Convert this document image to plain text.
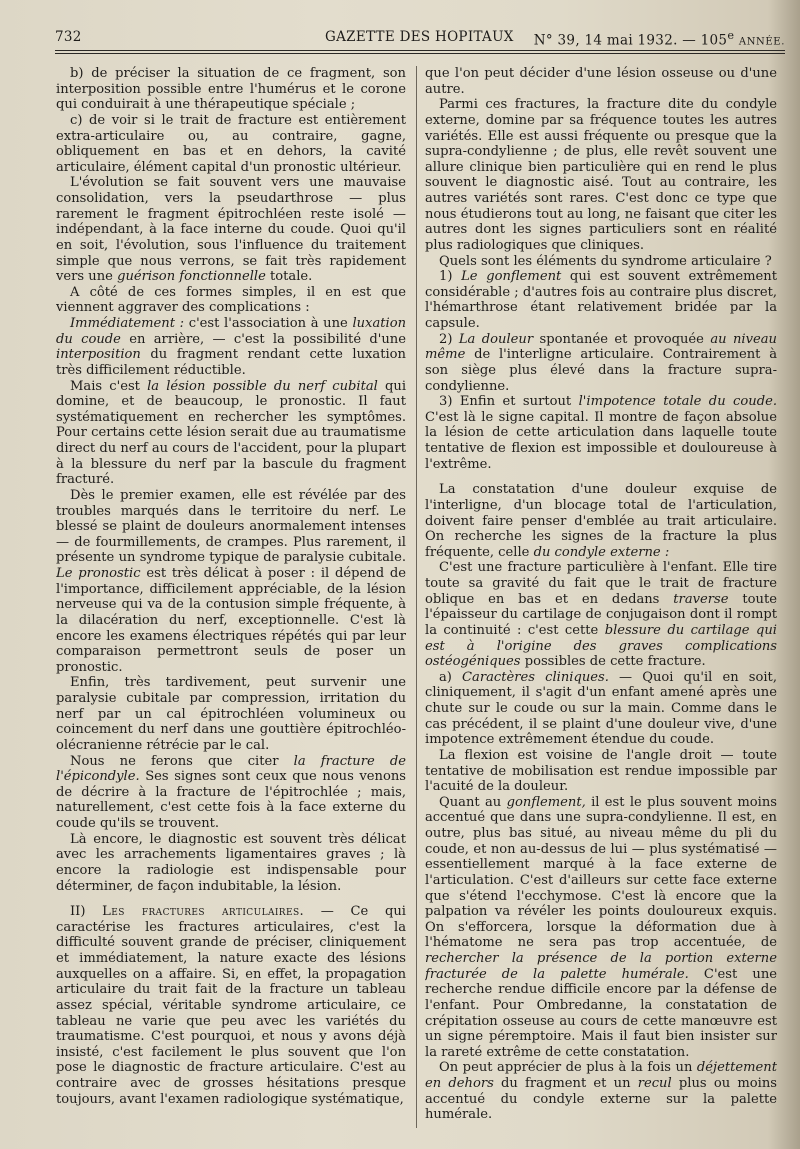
732	GAZETTE DES HOPITAUX N° 39, 14 mai 1932. — 105e ANNÉE.

b) de préciser la situation de ce fragment, son interposition possible entre l'humérus et le corone qui conduirait à une thérapeutique spéciale ;

c) de voir si le trait de fracture est entièrement extra-articulaire ou, au contraire, gagne, obliquement en bas et en dehors, la cavité articulaire, élément capital d'un pronostic ultérieur.

L'évolution se fait souvent vers une mauvaise consolidation, vers la pseudarthrose — plus rarement le fragment épitrochléen reste isolé — indépendant, à la face interne du coude. Quoi qu'il en soit, l'évolution, sous l'influence du traitement simple que nous verrons, se fait très rapidement vers une guérison fonctionnelle totale.

A côté de ces formes simples, il en est que viennent aggraver des complications :

Immédiatement : c'est l'association à une luxation du coude en arrière, — c'est la possibilité d'une interposition du fragment rendant cette luxation très difficilement réductible.

Mais c'est la lésion possible du nerf cubital qui domine, et de beaucoup, le pronostic. Il faut systématiquement en rechercher les symptômes. Pour certains cette lésion serait due au traumatisme direct du nerf au cours de l'accident, pour la plupart à la blessure du nerf par la bascule du fragment fracturé.

Dès le premier examen, elle est révélée par des troubles marqués dans le territoire du nerf. Le blessé se plaint de douleurs anormalement intenses — de fourmillements, de crampes. Plus rarement, il présente un syndrome typique de paralysie cubitale. Le pronostic est très délicat à poser : il dépend de l'importance, difficilement appréciable, de la lésion nerveuse qui va de la contusion simple fréquente, à la dilacération du nerf, exceptionnelle. C'est là encore les examens électriques répétés qui par leur comparaison permettront seuls de poser un pronostic.

Enfin, très tardivement, peut survenir une paralysie cubitale par compression, irritation du nerf par un cal épitrochléen volumineux ou coincement du nerf dans une gouttière épitrochléo-olécranienne rétrécie par le cal.

Nous ne ferons que citer la fracture de l'épicondyle. Ses signes sont ceux que nous venons de décrire à la fracture de l'épitrochlée ; mais, naturellement, c'est cette fois à la face externe du coude qu'ils se trouvent.

Là encore, le diagnostic est souvent très délicat avec les arrachements ligamentaires graves ; là encore la radiologie est indispensable pour déterminer, de façon indubitable, la lésion.

II) Les fractures articulaires. — Ce qui caractérise les fractures articulaires, c'est la difficulté souvent grande de préciser, cliniquement et immédiatement, la nature exacte des lésions auxquelles on a affaire. Si, en effet, la propagation articulaire du trait fait de la fracture un tableau assez spécial, véritable syndrome articulaire, ce tableau ne varie que peu avec les variétés du traumatisme. C'est pourquoi, et nous y avons déjà insisté, c'est facilement le plus souvent que l'on pose le diagnostic de fracture articulaire. C'est au contraire avec de grosses hésitations presque toujours, avant l'examen radiologique systématique,

que l'on peut décider d'une lésion osseuse ou d'une autre.

Parmi ces fractures, la fracture dite du condyle externe, domine par sa fréquence toutes les autres variétés. Elle est aussi fréquente ou presque que la supra-condylienne ; de plus, elle revêt souvent une allure clinique bien particulière qui en rend le plus souvent le diagnostic aisé. Tout au contraire, les autres variétés sont rares. C'est donc ce type que nous étudierons tout au long, ne faisant que citer les autres dont les signes particuliers sont en réalité plus radiologiques que cliniques.

Quels sont les éléments du syndrome articulaire ?

1) Le gonflement qui est souvent extrêmement considérable ; d'autres fois au contraire plus discret, l'hémarthrose étant relativement bridée par la capsule.

2) La douleur spontanée et provoquée au niveau même de l'interligne articulaire. Contrairement à son siège plus élevé dans la fracture supra-condylienne.

3) Enfin et surtout l'impotence totale du coude. C'est là le signe capital. Il montre de façon absolue la lésion de cette articulation dans laquelle toute tentative de flexion est impossible et douloureuse à l'extrême.

La constatation d'une douleur exquise de l'interligne, d'un blocage total de l'articulation, doivent faire penser d'emblée au trait articulaire. On recherche les signes de la fracture la plus fréquente, celle du condyle externe :

C'est une fracture particulière à l'enfant. Elle tire toute sa gravité du fait que le trait de fracture oblique en bas et en dedans traverse toute l'épaisseur du cartilage de conjugaison dont il rompt la continuité : c'est cette blessure du cartilage qui est à l'origine des graves complications ostéogéniques possibles de cette fracture.

a) Caractères cliniques. — Quoi qu'il en soit, cliniquement, il s'agit d'un enfant amené après une chute sur le coude ou sur la main. Comme dans le cas précédent, il se plaint d'une douleur vive, d'une impotence extrêmement étendue du coude.

La flexion est voisine de l'angle droit — toute tentative de mobilisation est rendue impossible par l'acuité de la douleur.

Quant au gonflement, il est le plus souvent moins accentué que dans une supra-condylienne. Il est, en outre, plus bas situé, au niveau même du pli du coude, et non au-dessus de lui — plus systématisé — essentiellement marqué à la face externe de l'articulation. C'est d'ailleurs sur cette face externe que s'étend l'ecchymose. C'est là encore que la palpation va révéler les points douloureux exquis. On s'efforcera, lorsque la déformation due à l'hématome ne sera pas trop accentuée, de rechercher la présence de la portion externe fracturée de la palette humérale. C'est une recherche rendue difficile encore par la défense de l'enfant. Pour Ombredanne, la constatation de crépitation osseuse au cours de cette manœuvre est un signe péremptoire. Mais il faut bien insister sur la rareté extrême de cette constatation.

On peut apprécier de plus à la fois un déjettement en dehors du fragment et un recul plus ou moins accentué du condyle externe sur la palette humérale.
